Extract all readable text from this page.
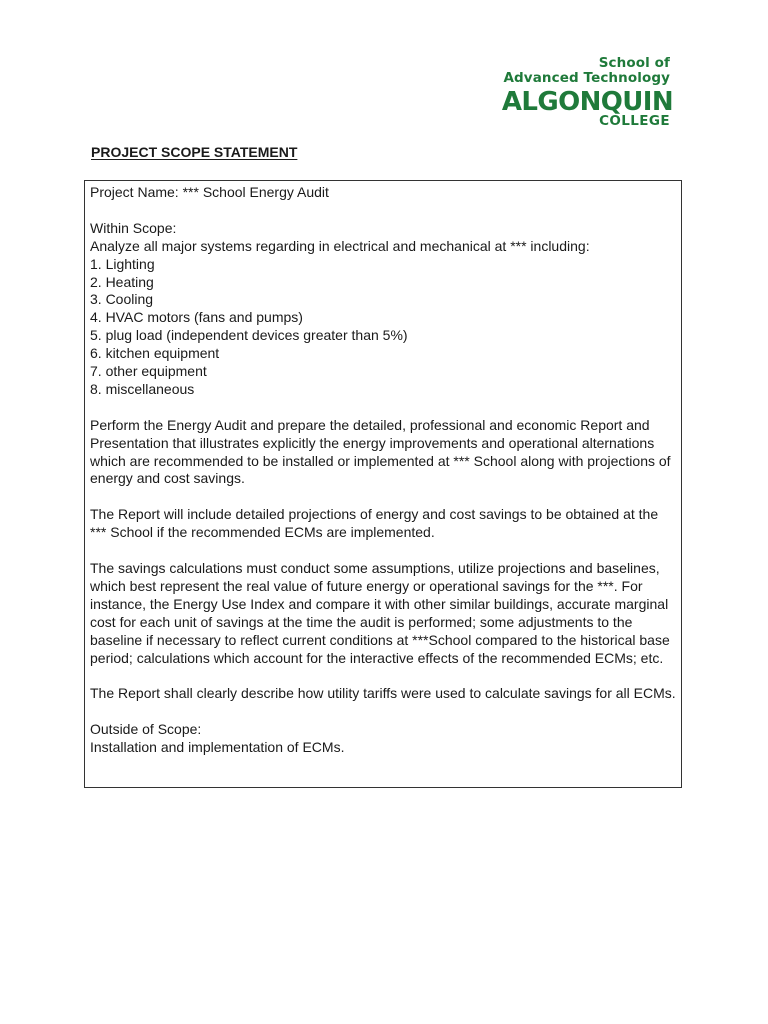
School of
Advanced Technology
ALGONQUIN
COLLEGE
PROJECT SCOPE STATEMENT

Project Name: *** School Energy Audit

Within Scope:
Analyze all major systems regarding in electrical and mechanical at *** including:
1. Lighting
2. Heating
3. Cooling
4. HVAC motors (fans and pumps)
5. plug load (independent devices greater than 5%)
6. kitchen equipment
7. other equipment
8. miscellaneous

Perform the Energy Audit and prepare the detailed, professional and economic Report and Presentation that illustrates explicitly the energy improvements and operational alternations which are recommended to be installed or implemented at *** School along with projections of energy and cost savings.

The Report will include detailed projections of energy and cost savings to be obtained at the *** School if the recommended ECMs are implemented.

The savings calculations must conduct some assumptions, utilize projections and baselines, which best represent the real value of future energy or operational savings for the ***. For instance, the Energy Use Index and compare it with other similar buildings, accurate marginal cost for each unit of savings at the time the audit is performed; some adjustments to the baseline if necessary to reflect current conditions at ***School compared to the historical base period; calculations which account for the interactive effects of the recommended ECMs; etc.

The Report shall clearly describe how utility tariffs were used to calculate savings for all ECMs.

Outside of Scope:
Installation and implementation of ECMs.
